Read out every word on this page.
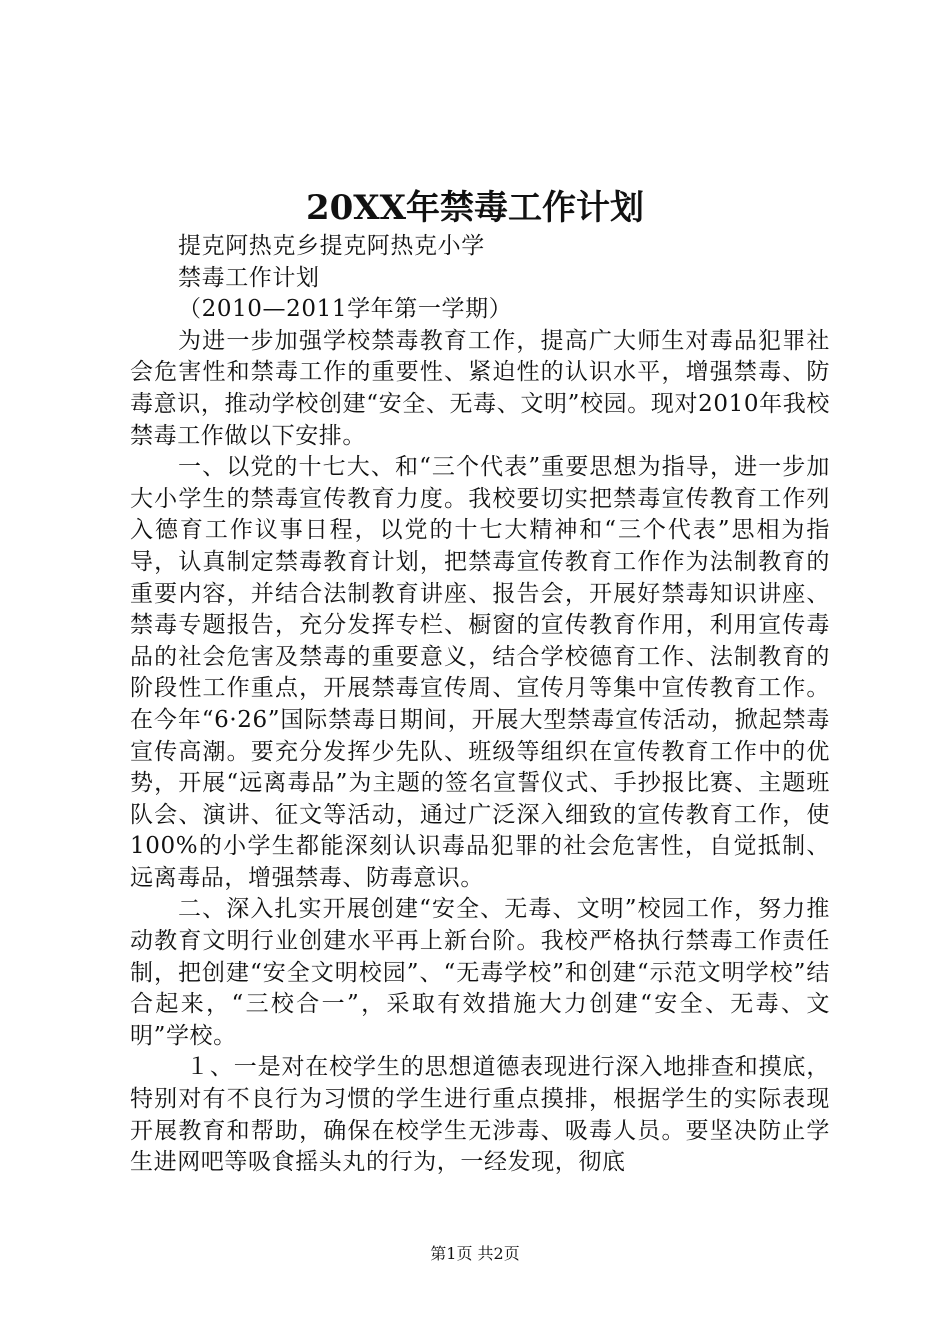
20XX年禁毒工作计划

提克阿热克乡提克阿热克小学

禁毒工作计划

（2010—2011学年第一学期）

为进一步加强学校禁毒教育工作，提高广大师生对毒品犯罪社会危害性和禁毒工作的重要性、紧迫性的认识水平，增强禁毒、防毒意识，推动学校创建“安全、无毒、文明”校园。现对2010年我校禁毒工作做以下安排。

一、以党的十七大、和“三个代表”重要思想为指导，进一步加大小学生的禁毒宣传教育力度。我校要切实把禁毒宣传教育工作列入德育工作议事日程，以党的十七大精神和“三个代表”思相为指导，认真制定禁毒教育计划，把禁毒宣传教育工作作为法制教育的重要内容，并结合法制教育讲座、报告会，开展好禁毒知识讲座、禁毒专题报告，充分发挥专栏、橱窗的宣传教育作用，利用宣传毒品的社会危害及禁毒的重要意义，结合学校德育工作、法制教育的阶段性工作重点，开展禁毒宣传周、宣传月等集中宣传教育工作。在今年“6·26”国际禁毒日期间，开展大型禁毒宣传活动，掀起禁毒宣传高潮。要充分发挥少先队、班级等组织在宣传教育工作中的优势，开展“远离毒品”为主题的签名宣誓仪式、手抄报比赛、主题班队会、演讲、征文等活动，通过广泛深入细致的宣传教育工作，使100%的小学生都能深刻认识毒品犯罪的社会危害性，自觉抵制、远离毒品，增强禁毒、防毒意识。

二、深入扎实开展创建“安全、无毒、文明”校园工作，努力推动教育文明行业创建水平再上新台阶。我校严格执行禁毒工作责任制，把创建“安全文明校园”、“无毒学校”和创建“示范文明学校”结合起来，“三校合一”，采取有效措施大力创建“安全、无毒、文明”学校。

１、一是对在校学生的思想道德表现进行深入地排查和摸底，特别对有不良行为习惯的学生进行重点摸排，根据学生的实际表现开展教育和帮助，确保在校学生无涉毒、吸毒人员。要坚决防止学生进网吧等吸食摇头丸的行为，一经发现，彻底

第1页 共2页
